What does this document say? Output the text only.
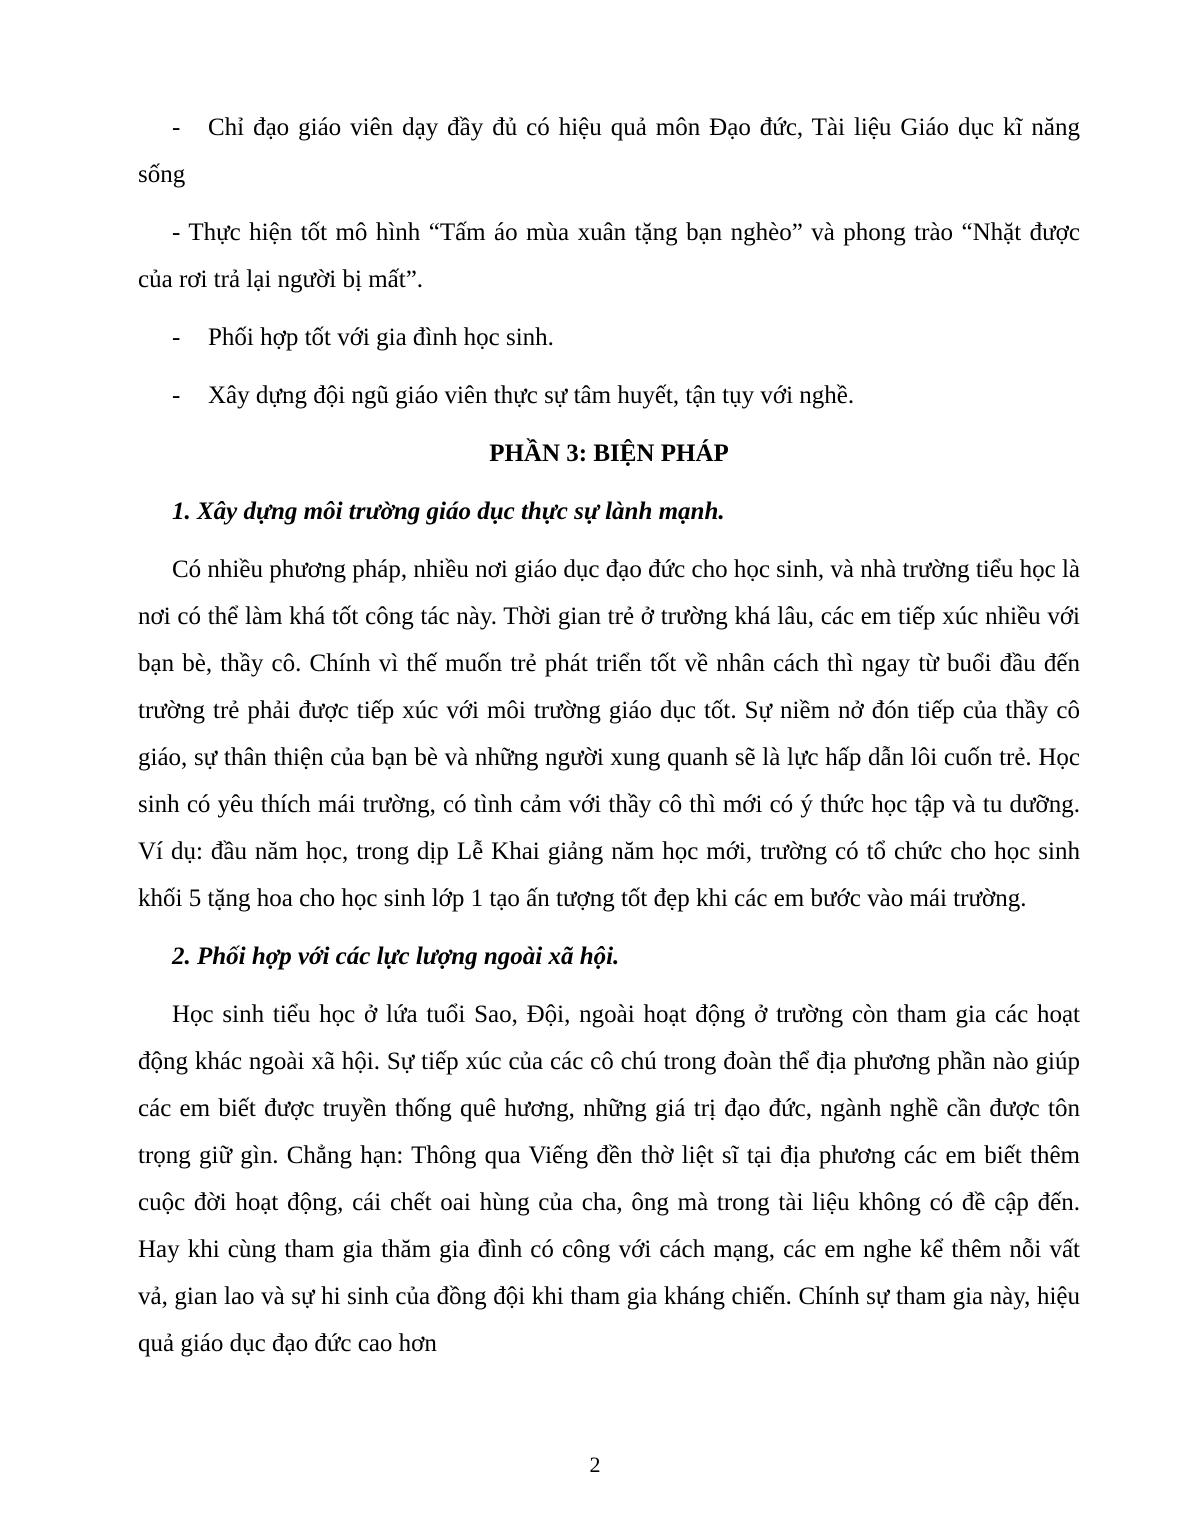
- Chỉ đạo giáo viên dạy đầy đủ có hiệu quả môn Đạo đức, Tài liệu Giáo dục kĩ năng sống

- Thực hiện tốt mô hình “Tấm áo mùa xuân tặng bạn nghèo” và phong trào “Nhặt được của rơi trả lại người bị mất”.

- Phối hợp tốt với gia đình học sinh.

- Xây dựng đội ngũ giáo viên thực sự tâm huyết, tận tụy với nghề.

PHẦN 3: BIỆN PHÁP

1. Xây dựng môi trường giáo dục thực sự lành mạnh.

Có nhiều phương pháp, nhiều nơi giáo dục đạo đức cho học sinh, và nhà trường tiểu học là nơi có thể làm khá tốt công tác này. Thời gian trẻ ở trường khá lâu, các em tiếp xúc nhiều với bạn bè, thầy cô. Chính vì thế muốn trẻ phát triển tốt về nhân cách thì ngay từ buổi đầu đến trường trẻ phải được tiếp xúc với môi trường giáo dục tốt. Sự niềm nở đón tiếp của thầy cô giáo, sự thân thiện của bạn bè và những người xung quanh sẽ là lực hấp dẫn lôi cuốn trẻ. Học sinh có yêu thích mái trường, có tình cảm với thầy cô thì mới có ý thức học tập và tu dưỡng. Ví dụ: đầu năm học, trong dịp Lễ Khai giảng năm học mới, trường có tổ chức cho học sinh khối 5 tặng hoa cho học sinh lớp 1 tạo ấn tượng tốt đẹp khi các em bước vào mái trường.

2. Phối hợp với các lực lượng ngoài xã hội.

Học sinh tiểu học ở lứa tuổi Sao, Đội, ngoài hoạt động ở trường còn tham gia các hoạt động khác ngoài xã hội. Sự tiếp xúc của các cô chú trong đoàn thể địa phương phần nào giúp các em biết được truyền thống quê hương, những giá trị đạo đức, ngành nghề cần được tôn trọng giữ gìn. Chẳng hạn: Thông qua Viếng đền thờ liệt sĩ tại địa phương các em biết thêm cuộc đời hoạt động, cái chết oai hùng của cha, ông mà trong tài liệu không có đề cập đến. Hay khi cùng tham gia thăm gia đình có công với cách mạng, các em nghe kể thêm nỗi vất vả, gian lao và sự hi sinh của đồng đội khi tham gia kháng chiến. Chính sự tham gia này, hiệu quả giáo dục đạo đức cao hơn

2
